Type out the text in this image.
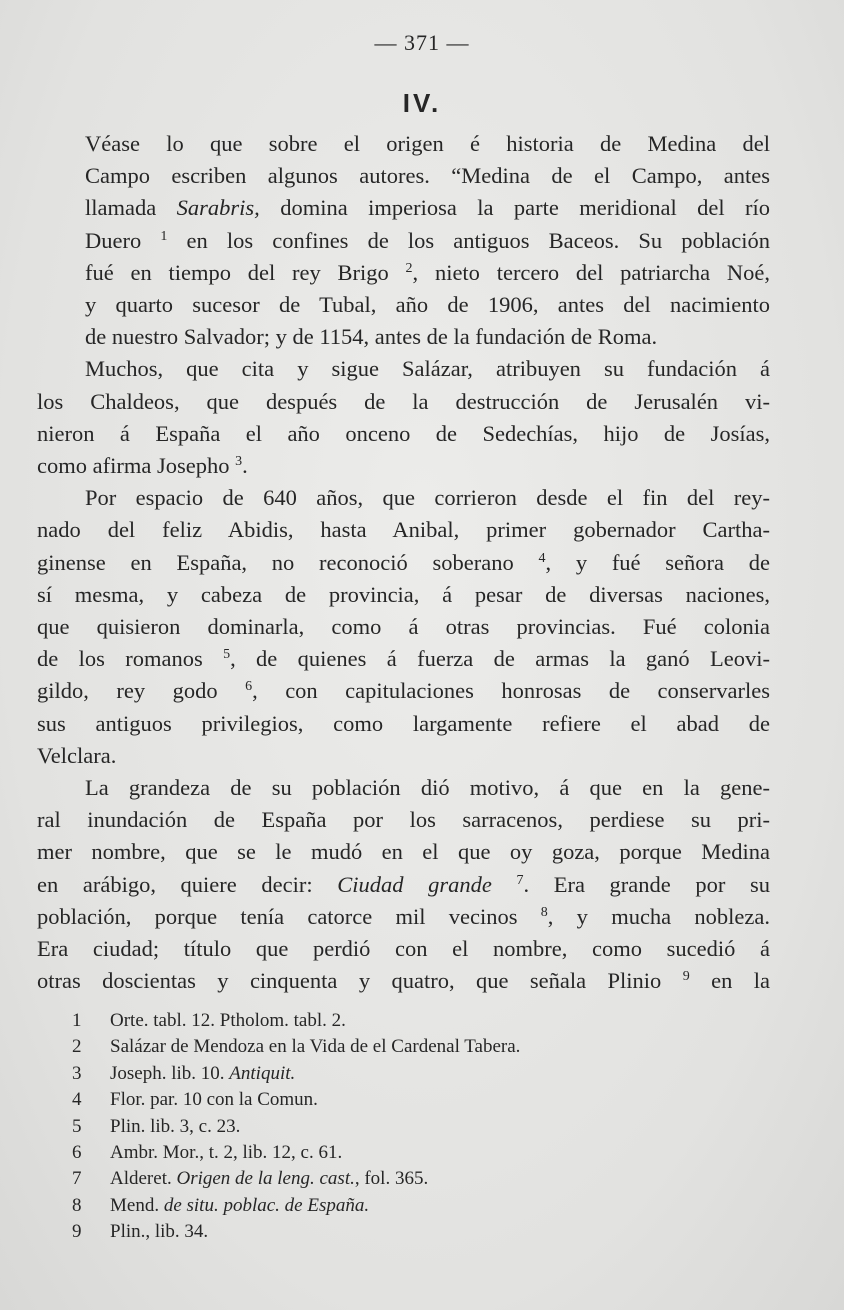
— 371 —
IV.

Véase lo que sobre el origen é historia de Medina del
Campo escriben algunos autores. “Medina de el Campo, antes
llamada Sarabris, domina imperiosa la parte meridional del río
Duero $^1$ en los confines de los antiguos Baceos. Su población
fué en tiempo del rey Brigo $^2$, nieto tercero del patriarcha Noé,
y quarto sucesor de Tubal, año de 1906, antes del nacimiento
de nuestro Salvador; y de 1154, antes de la fundación de Roma.

Muchos, que cita y sigue Salázar, atribuyen su fundación á
los Chaldeos, que después de la destrucción de Jerusalén vi-
nieron á España el año onceno de Sedechías, hijo de Josías,
como afirma Josepho $^3$.

Por espacio de 640 años, que corrieron desde el fin del rey-
nado del feliz Abidis, hasta Anibal, primer gobernador Cartha-
ginense en España, no reconoció soberano $^4$, y fué señora de
sí mesma, y cabeza de provincia, á pesar de diversas naciones,
que quisieron dominarla, como á otras provincias. Fué colonia
de los romanos $^5$, de quienes á fuerza de armas la ganó Leovi-
gildo, rey godo $^6$, con capitulaciones honrosas de conservarles
sus antiguos privilegios, como largamente refiere el abad de
Velclara.

La grandeza de su población dió motivo, á que en la gene-
ral inundación de España por los sarracenos, perdiese su pri-
mer nombre, que se le mudó en el que oy goza, porque Medina
en arábigo, quiere decir: Ciudad grande $^7$. Era grande por su
población, porque tenía catorce mil vecinos $^8$, y mucha nobleza.
Era ciudad; título que perdió con el nombre, como sucedió á
otras doscientas y cinquenta y quatro, que señala Plinio $^9$ en la

1	Orte. tabl. 12. Ptholom. tabl. 2.
2	Salázar de Mendoza en la Vida de el Cardenal Tabera.
3	Joseph. lib. 10. Antiquit.
4	Flor. par. 10 con la Comun.
5	Plin. lib. 3, c. 23.
6	Ambr. Mor., t. 2, lib. 12, c. 61.
7	Alderet. Origen de la leng. cast., fol. 365.
8	Mend. de situ. poblac. de España.
9	Plin., lib. 34.
